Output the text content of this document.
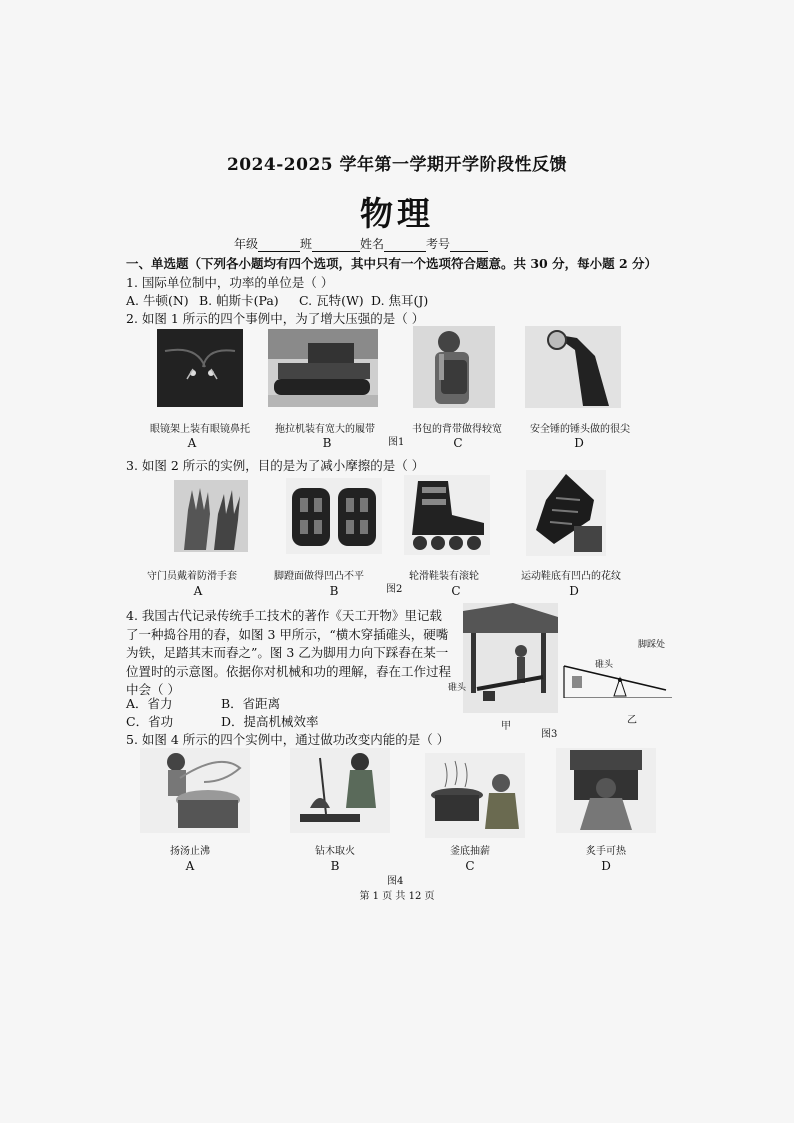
2024-2025 学年第一学期开学阶段性反馈
物理
年级	班	姓名	考号
一、单选题（下列各小题均有四个选项，其中只有一个选项符合题意。共 30 分，每小题 2 分）
1. 国际单位制中，功率的单位是（ ）
A. 牛顿(N) B. 帕斯卡(Pa) C. 瓦特(W) D. 焦耳(J)
2. 如图 1 所示的四个事例中，为了增大压强的是（ ）
眼镜架上装有眼镜鼻托	拖拉机装有宽大的履带	书包的背带做得较宽	安全锤的锤头做的很尖
A	B	图1	C	D
3. 如图 2 所示的实例，目的是为了减小摩擦的是（ ）
守门员戴着防滑手套	脚蹬面做得凹凸不平	轮滑鞋装有滚轮	运动鞋底有凹凸的花纹
A	B	图2	C	D
4. 我国古代记录传统手工技术的著作《天工开物》里记载了一种捣谷用的舂，如图 3 甲所示，“横木穿插碓头，硬嘴为铁，足踏其末而舂之”。图 3 乙为脚用力向下踩舂在某一位置时的示意图。依据你对机械和功的理解，舂在工作过程中会（ ）
A．省力	B．省距离
C．省功	D．提高机械效率
碓头
甲
碓头
脚踩处
乙
图3
5. 如图 4 所示的四个实例中，通过做功改变内能的是（ ）
扬汤止沸	钻木取火	釜底抽薪	炙手可热
A	B	C	D
图4
第 1 页 共 12 页
